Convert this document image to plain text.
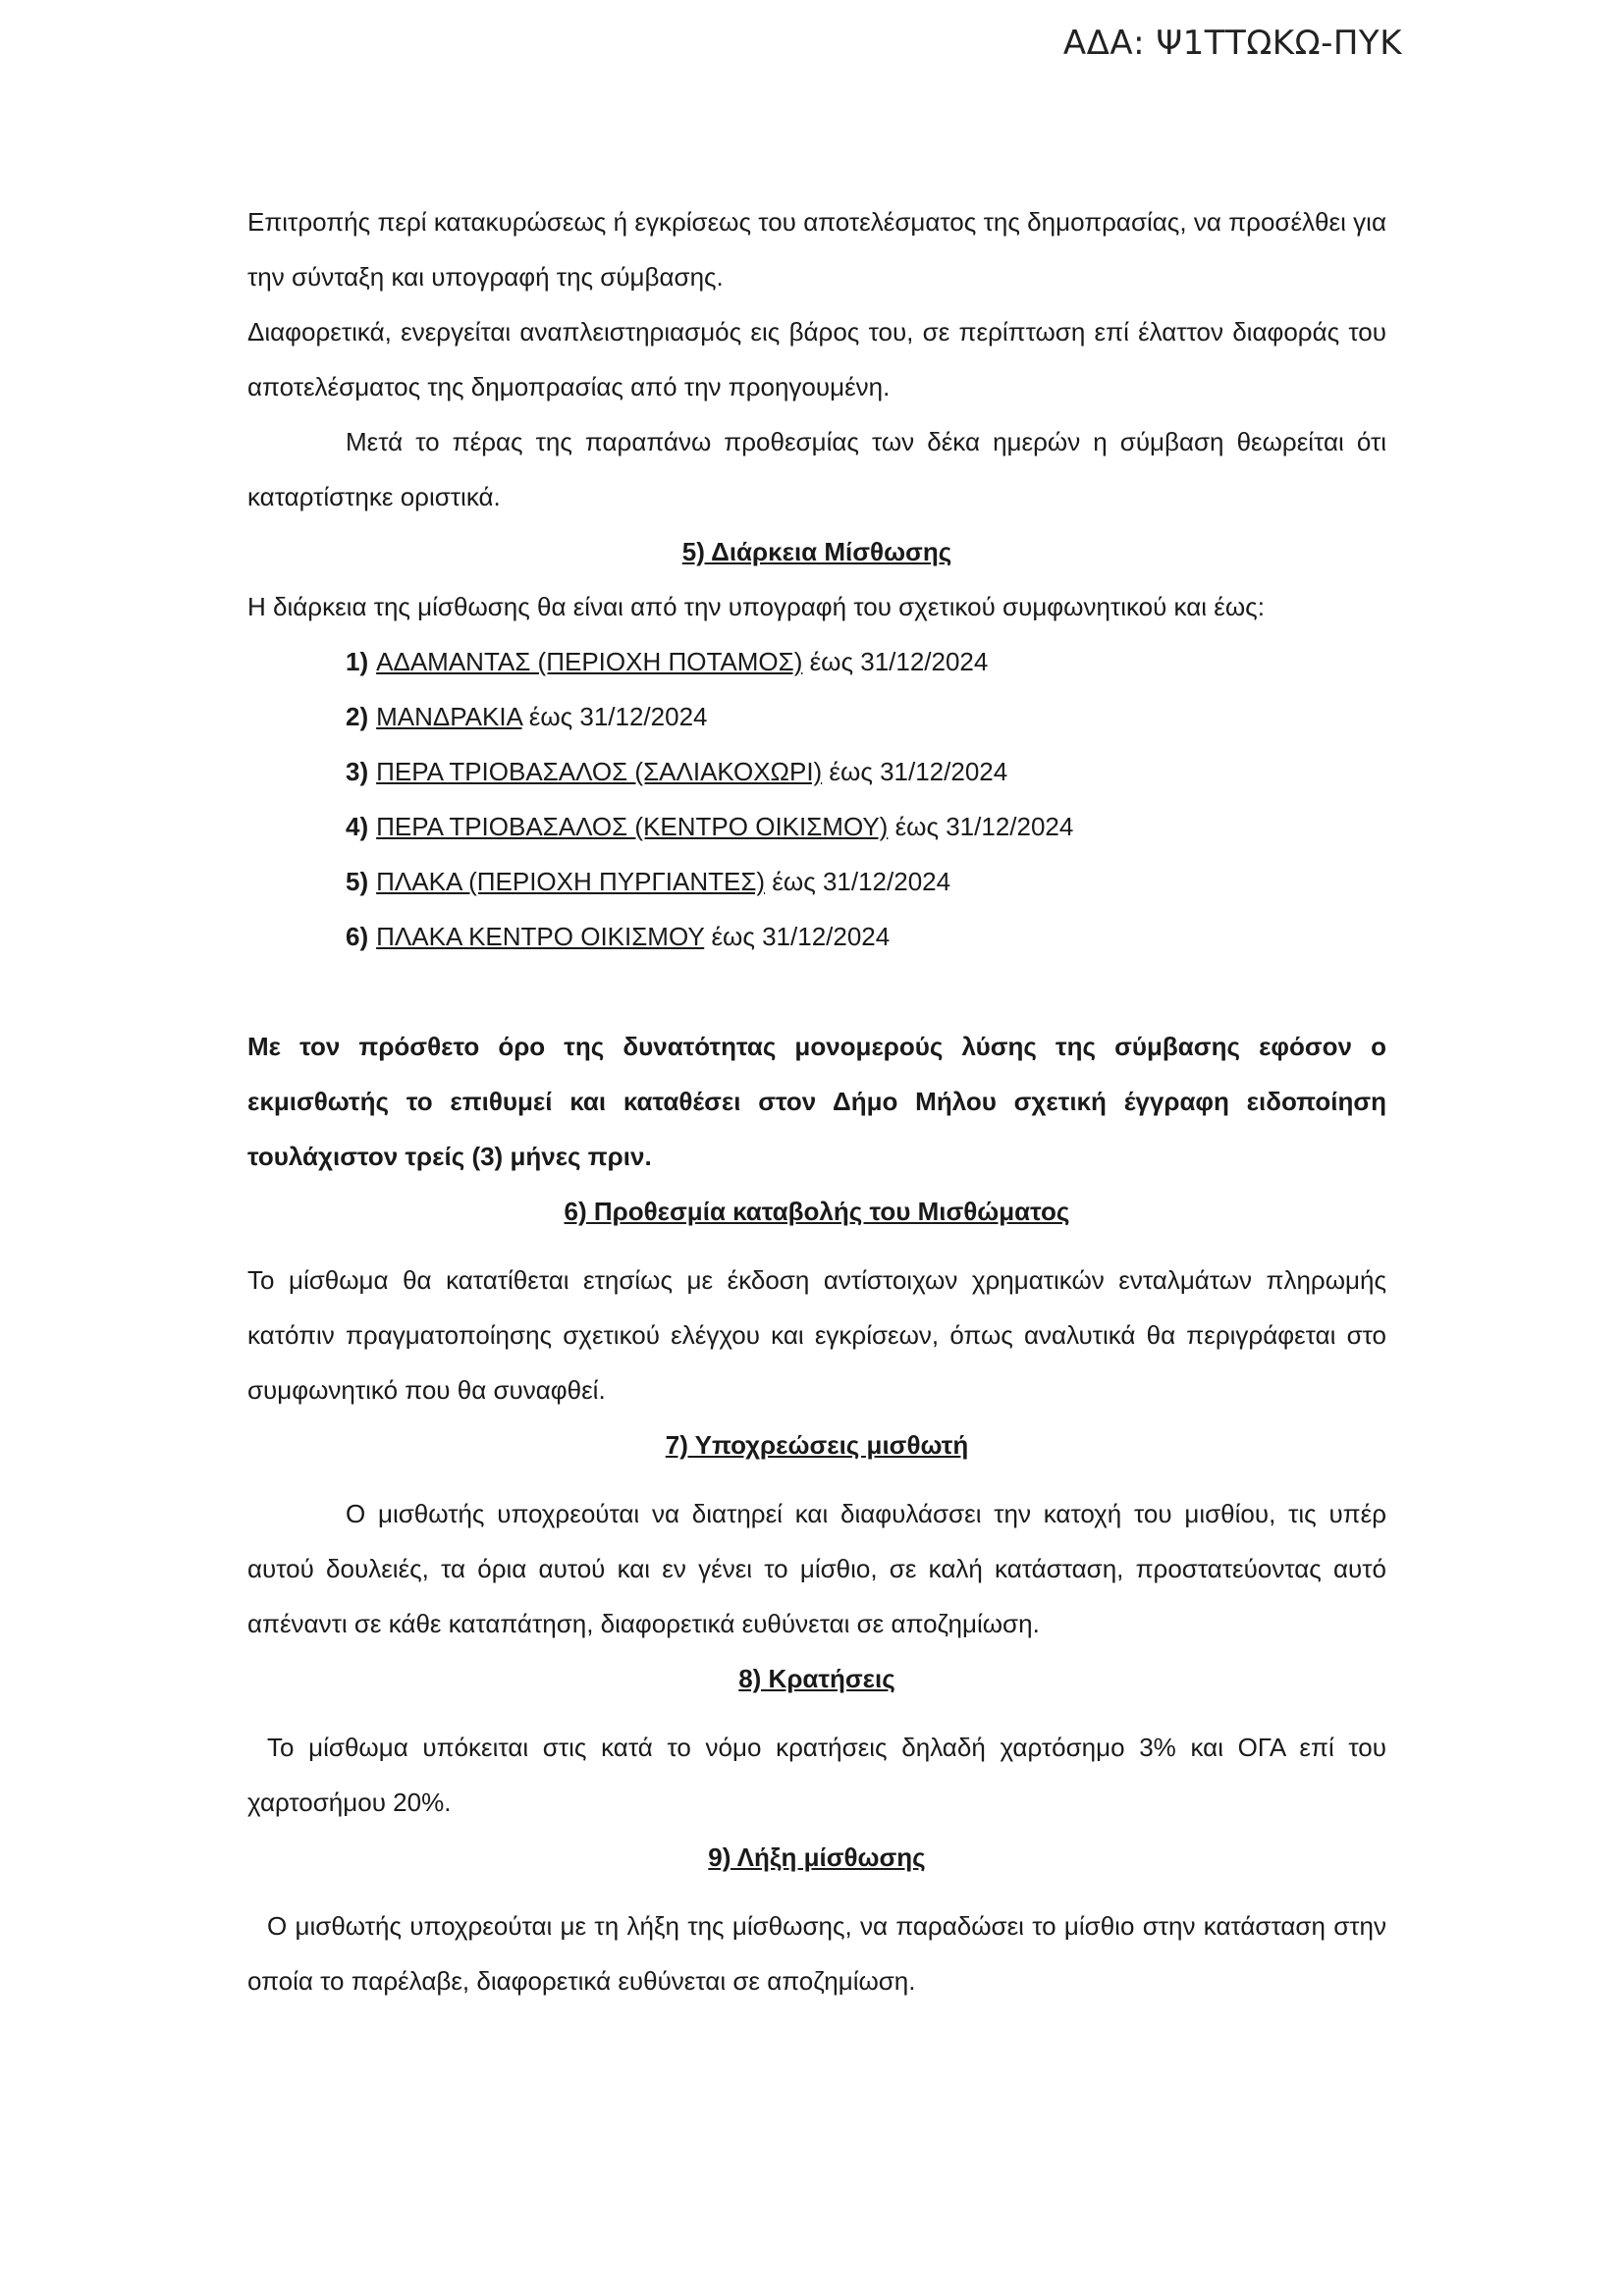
ΑΔΑ: Ψ1ΤΤΩΚΩ-ΠΥΚ

Επιτροπής περί κατακυρώσεως ή εγκρίσεως του αποτελέσματος της δημοπρασίας, να προσέλθει για την σύνταξη και υπογραφή της σύμβασης.

Διαφορετικά, ενεργείται αναπλειστηριασμός εις βάρος του, σε περίπτωση επί έλαττον διαφοράς του αποτελέσματος της δημοπρασίας από την προηγουμένη.

Μετά το πέρας της παραπάνω προθεσμίας των δέκα ημερών η σύμβαση θεωρείται ότι καταρτίστηκε οριστικά.

5) Διάρκεια Μίσθωσης

Η διάρκεια της μίσθωσης θα είναι από την υπογραφή του σχετικού συμφωνητικού και έως:

1) ΑΔΑΜΑΝΤΑΣ (ΠΕΡΙΟΧΗ ΠΟΤΑΜΟΣ) έως 31/12/2024
2) ΜΑΝΔΡΑΚΙΑ έως 31/12/2024
3) ΠΕΡΑ ΤΡΙΟΒΑΣΑΛΟΣ (ΣΑΛΙΑΚΟΧΩΡΙ) έως 31/12/2024
4) ΠΕΡΑ ΤΡΙΟΒΑΣΑΛΟΣ (ΚΕΝΤΡΟ ΟΙΚΙΣΜΟΥ) έως 31/12/2024
5) ΠΛΑΚΑ (ΠΕΡΙΟΧΗ ΠΥΡΓΙΑΝΤΕΣ) έως 31/12/2024
6) ΠΛΑΚΑ ΚΕΝΤΡΟ ΟΙΚΙΣΜΟΥ έως 31/12/2024

Με τον πρόσθετο όρο της δυνατότητας μονομερούς λύσης της σύμβασης εφόσον ο εκμισθωτής το επιθυμεί και καταθέσει στον Δήμο Μήλου σχετική έγγραφη ειδοποίηση τουλάχιστον τρείς (3) μήνες πριν.

6) Προθεσμία καταβολής του Μισθώματος

Το μίσθωμα θα κατατίθεται ετησίως με έκδοση αντίστοιχων χρηματικών ενταλμάτων πληρωμής κατόπιν πραγματοποίησης σχετικού ελέγχου και εγκρίσεων, όπως αναλυτικά θα περιγράφεται στο συμφωνητικό που θα συναφθεί.

7) Υποχρεώσεις μισθωτή

Ο μισθωτής υποχρεούται να διατηρεί και διαφυλάσσει την κατοχή του μισθίου, τις υπέρ αυτού δουλειές, τα όρια αυτού και εν γένει το μίσθιο, σε καλή κατάσταση, προστατεύοντας αυτό απέναντι σε κάθε καταπάτηση, διαφορετικά ευθύνεται σε αποζημίωση.

8) Κρατήσεις

Το μίσθωμα υπόκειται στις κατά το νόμο κρατήσεις δηλαδή χαρτόσημο 3% και ΟΓΑ επί του χαρτοσήμου 20%.

9) Λήξη μίσθωσης

Ο μισθωτής υποχρεούται με τη λήξη της μίσθωσης, να παραδώσει το μίσθιο στην κατάσταση στην οποία το παρέλαβε, διαφορετικά ευθύνεται σε αποζημίωση.
